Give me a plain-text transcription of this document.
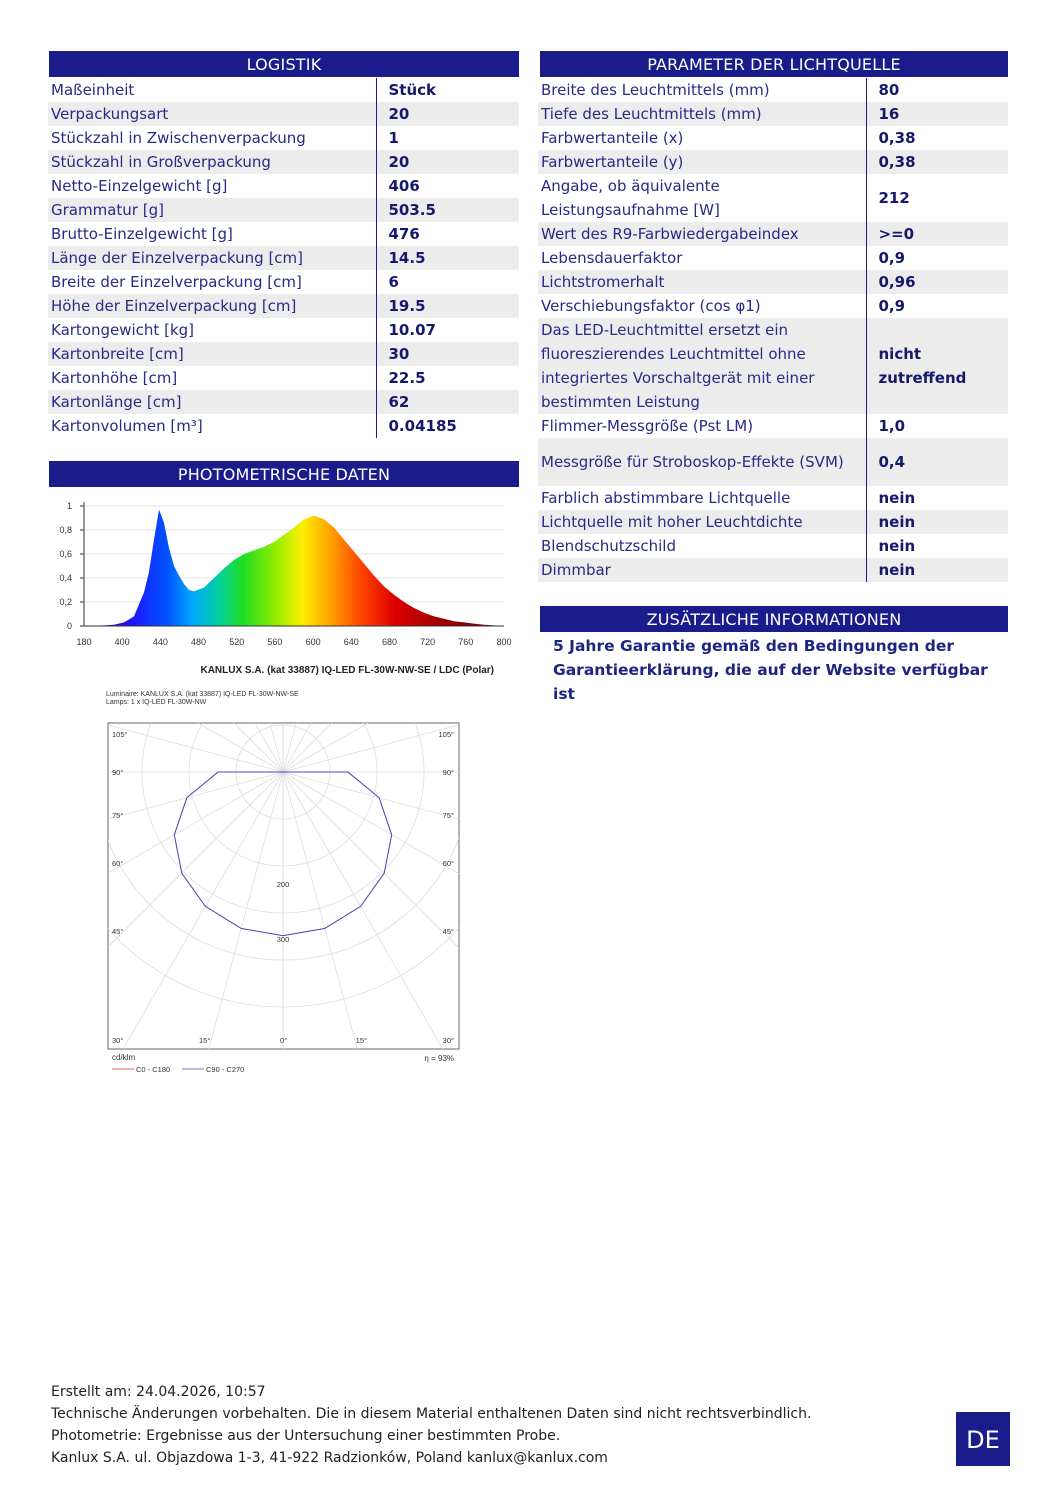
LOGISTIK
Maßeinheit	Stück
Verpackungsart	20
Stückzahl in Zwischenverpackung	1
Stückzahl in Großverpackung	20
Netto-Einzelgewicht [g]	406
Grammatur [g]	503.5
Brutto-Einzelgewicht [g]	476
Länge der Einzelverpackung [cm]	14.5
Breite der Einzelverpackung [cm]	6
Höhe der Einzelverpackung [cm]	19.5
Kartongewicht [kg]	10.07
Kartonbreite [cm]	30
Kartonhöhe [cm]	22.5
Kartonlänge [cm]	62
Kartonvolumen [m³]	0.04185
PARAMETER DER LICHTQUELLE
Breite des Leuchtmittels (mm)	80
Tiefe des Leuchtmittels (mm)	16
Farbwertanteile (x)	0,38
Farbwertanteile (y)	0,38
Angabe, ob äquivalente Leistungsaufnahme [W]	212
Wert des R9-Farbwiedergabeindex	>=0
Lebensdauerfaktor	0,9
Lichtstromerhalt	0,96
Verschiebungsfaktor (cos φ1)	0,9
Das LED-Leuchtmittel ersetzt ein fluoreszierendes Leuchtmittel ohne integriertes Vorschaltgerät mit einer bestimmten Leistung	nicht zutreffend
Flimmer-Messgröße (Pst LM)	1,0
Messgröße für Stroboskop-Effekte (SVM)	0,4
Farblich abstimmbare Lichtquelle	nein
Lichtquelle mit hoher Leuchtdichte	nein
Blendschutzschild	nein
Dimmbar	nein
ZUSÄTZLICHE INFORMATIONEN
5 Jahre Garantie gemäß den Bedingungen der Garantieerklärung, die auf der Website verfügbar ist
PHOTOMETRISCHE DATEN
0
0,2
0,4
0,6
0,8
1
180	400	440	480	520	560	600	640	680	720	760	800
KANLUX S.A. (kat 33887) IQ-LED FL-30W-NW-SE / LDC (Polar)
Luminaire: KANLUX S.A. (kat 33887) IQ-LED FL-30W-NW-SE
Lamps: 1 x IQ-LED FL-30W-NW
105°	105°
90°	90°
75°	75°
60°	60°
45°	45°
30°	30°
15°	15°
0°
200
300
cd/klm	η = 93%
C0 - C180	C90 - C270
Erstellt am: 24.04.2026, 10:57
Technische Änderungen vorbehalten. Die in diesem Material enthaltenen Daten sind nicht rechtsverbindlich.
Photometrie: Ergebnisse aus der Untersuchung einer bestimmten Probe.
Kanlux S.A. ul. Objazdowa 1-3, 41-922 Radzionków, Poland kanlux@kanlux.com
DE
